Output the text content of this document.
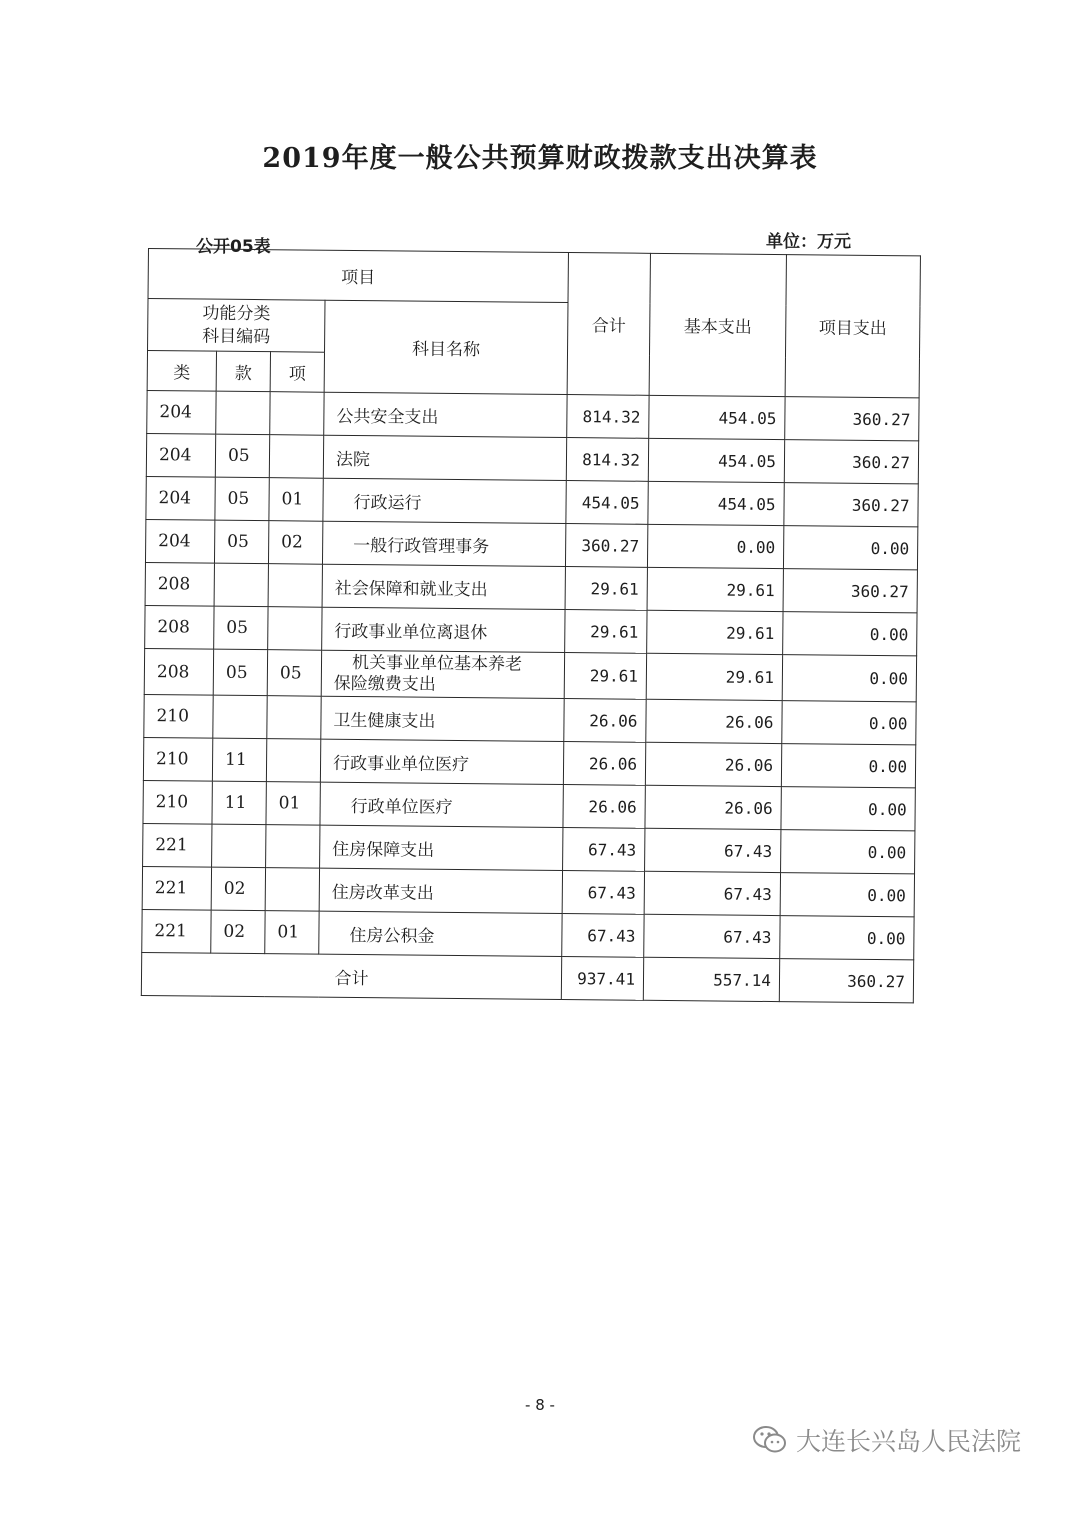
2019年度一般公共预算财政拨款支出决算表
公开05表	单位：万元
项目				合计	基本支出	项目支出
功能分类
科目编码			科目名称			
类	款	项				
204			公共安全支出	814.32	454.05	360.27
204	05		法院	814.32	454.05	360.27
204	05	01	行政运行	454.05	454.05	360.27
204	05	02	一般行政管理事务	360.27	0.00	0.00
208			社会保障和就业支出	29.61	29.61	360.27
208	05		行政事业单位离退休	29.61	29.61	0.00
208	05	05	机关事业单位基本养老
保险缴费支出	29.61	29.61	0.00
210			卫生健康支出	26.06	26.06	0.00
210	11		行政事业单位医疗	26.06	26.06	0.00
210	11	01	行政单位医疗	26.06	26.06	0.00
221			住房保障支出	67.43	67.43	0.00
221	02		住房改革支出	67.43	67.43	0.00
221	02	01	住房公积金	67.43	67.43	0.00
合计				937.41	557.14	360.27
- 8 -
大连长兴岛人民法院
